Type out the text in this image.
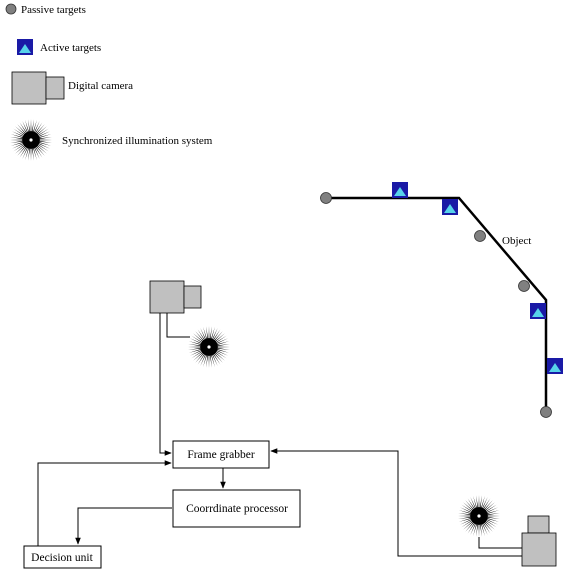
Passive targets
Active targets
Digital camera
Synchronized illumination system
Object
Frame grabber
Coorrdinate processor
Decision unit
